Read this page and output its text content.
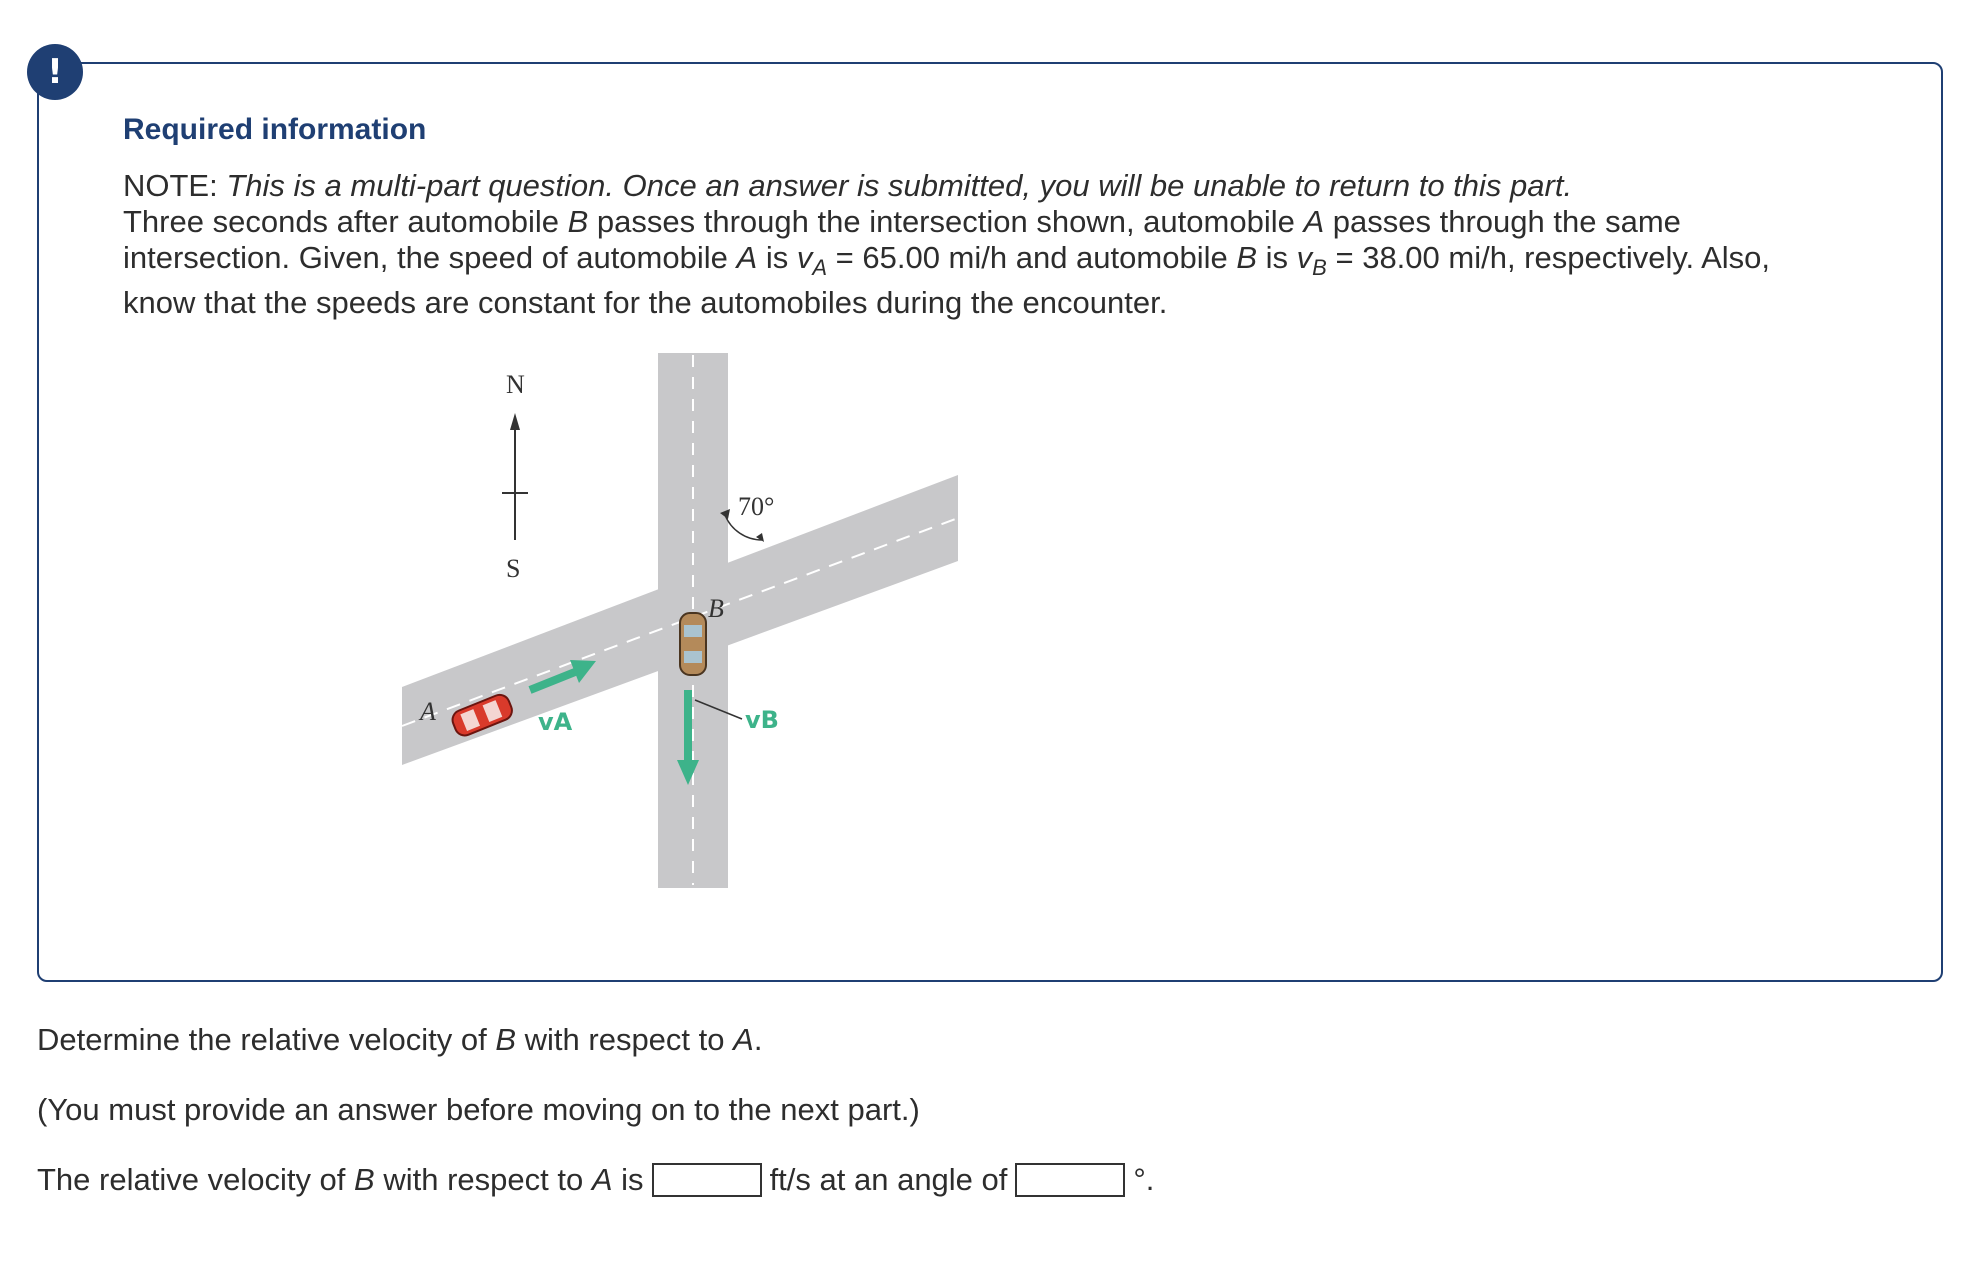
!
Required information

NOTE: This is a multi-part question. Once an answer is submitted, you will be unable to return to this part.

Three seconds after automobile B passes through the intersection shown, automobile A passes through the same

intersection. Given, the speed of automobile A is $v_A = 65.00$ mi/h and automobile B is $v_B = 38.00$ mi/h, respectively. Also,

know that the speeds are constant for the automobiles during the encounter.

N
S
70°
B
vB
A	vA
Determine the relative velocity of B with respect to A.
(You must provide an answer before moving on to the next part.)
The relative velocity of
B
with respect to
A
is	ft/s at an angle of	°.
